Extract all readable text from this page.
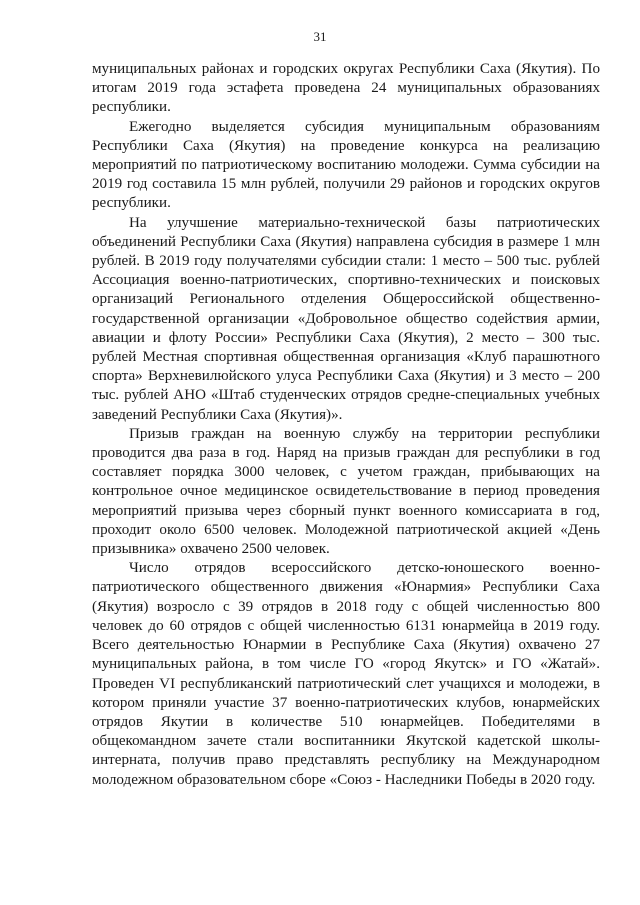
31

муниципальных районах и городских округах Республики Саха (Якутия). По итогам 2019 года эстафета проведена 24 муниципальных образованиях республики.

Ежегодно выделяется субсидия муниципальным образованиям Республики Саха (Якутия) на проведение конкурса на реализацию мероприятий по патриотическому воспитанию молодежи. Сумма субсидии на 2019 год составила 15 млн рублей, получили 29 районов и городских округов республики.

На улучшение материально-технической базы патриотических объединений Республики Саха (Якутия) направлена субсидия в размере 1 млн рублей. В 2019 году получателями субсидии стали: 1 место – 500 тыс. рублей Ассоциация военно-патриотических, спортивно-технических и поисковых организаций Регионального отделения Общероссийской общественно-государственной организации «Добровольное общество содействия армии, авиации и флоту России» Республики Саха (Якутия), 2 место – 300 тыс. рублей Местная спортивная общественная организация «Клуб парашютного спорта» Верхневилюйского улуса Республики Саха (Якутия) и 3 место – 200 тыс. рублей АНО «Штаб студенческих отрядов средне-специальных учебных заведений Республики Саха (Якутия)».

Призыв граждан на военную службу на территории республики проводится два раза в год. Наряд на призыв граждан для республики в год составляет порядка 3000 человек, с учетом граждан, прибывающих на контрольное очное медицинское освидетельствование в период проведения мероприятий призыва через сборный пункт военного комиссариата в год, проходит около 6500 человек. Молодежной патриотической акцией «День призывника» охвачено 2500 человек.

Число отрядов всероссийского детско-юношеского военно-патриотического общественного движения «Юнармия» Республики Саха (Якутия) возросло с 39 отрядов в 2018 году с общей численностью 800 человек до 60 отрядов с общей численностью 6131 юнармейца в 2019 году. Всего деятельностью Юнармии в Республике Саха (Якутия) охвачено 27 муниципальных района, в том числе ГО «город Якутск» и ГО «Жатай». Проведен VI республиканский патриотический слет учащихся и молодежи, в котором приняли участие 37 военно-патриотических клубов, юнармейских отрядов Якутии в количестве 510 юнармейцев. Победителями в общекомандном зачете стали воспитанники Якутской кадетской школы-интерната, получив право представлять республику на Международном молодежном образовательном сборе «Союз - Наследники Победы в 2020 году.
